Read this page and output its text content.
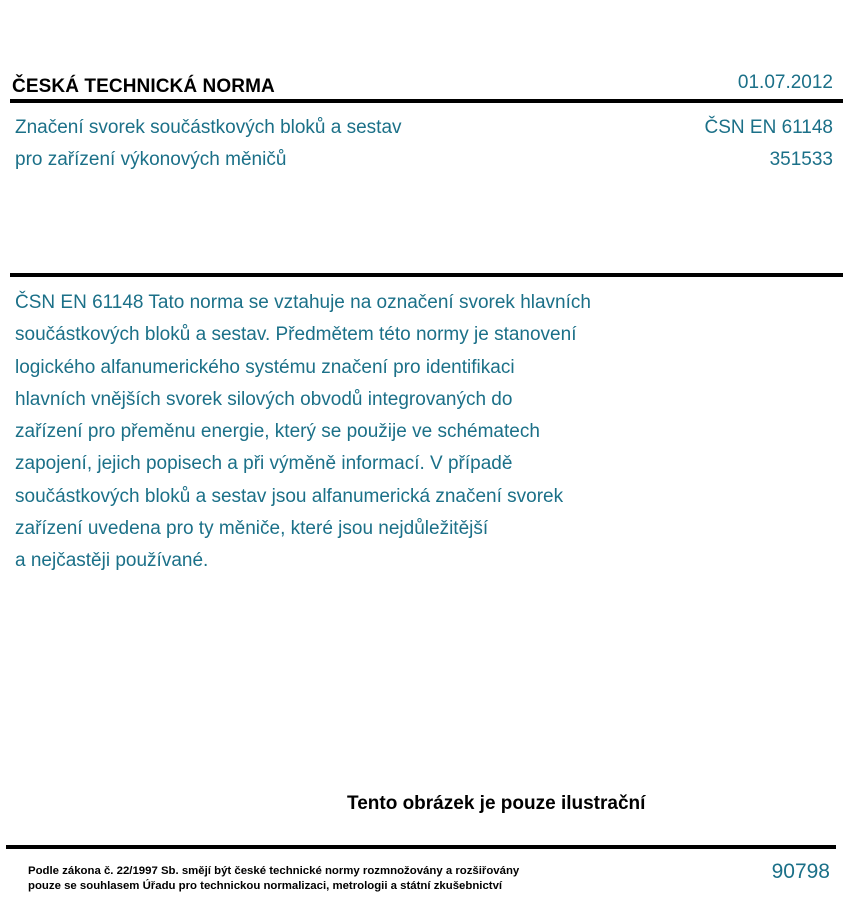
ČESKÁ TECHNICKÁ NORMA	01.07.2012
Značení svorek součástkových bloků a sestav
pro zařízení výkonových měničů
ČSN EN 61148
351533
ČSN EN 61148 Tato norma se vztahuje na označení svorek hlavních
součástkových bloků a sestav. Předmětem této normy je stanovení
logického alfanumerického systému značení pro identifikaci
hlavních vnějších svorek silových obvodů integrovaných do
zařízení pro přeměnu energie, který se použije ve schématech
zapojení, jejich popisech a při výměně informací. V případě
součástkových bloků a sestav jsou alfanumerická značení svorek
zařízení uvedena pro ty měniče, které jsou nejdůležitější
a nejčastěji používané.
Tento obrázek je pouze ilustrační
Podle zákona č. 22/1997 Sb. smějí být české technické normy rozmnožovány a rozšiřovány
pouze se souhlasem Úřadu pro technickou normalizaci, metrologii a státní zkušebnictví
90798
